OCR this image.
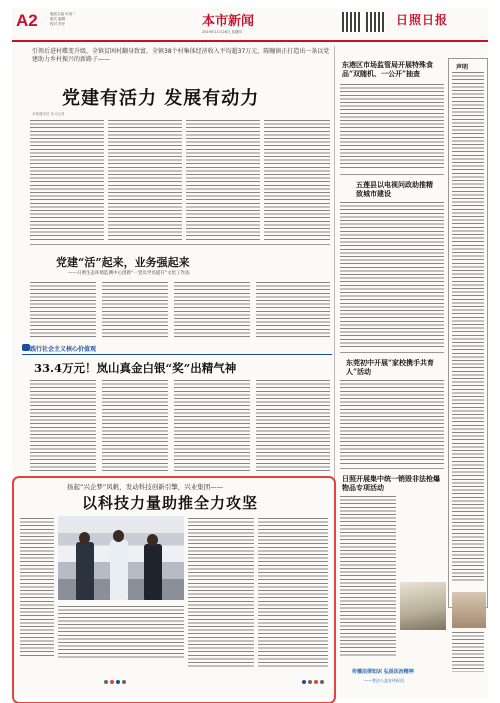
A2	版面主编 叶成二
版式 编辑
校对 责任	本市新闻
2019年11月28日 星期四
日照日报
引领后进村蝶变升级，全镇贫困村翻身致富，全镇38个村集体经济收入平均超37万元，陈疃镇正打造出一条以党建助力乡村振兴的新路子——
党建有活力 发展有动力
本报通讯员 实习记者
党建“活”起来，业务强起来
——日照生态环境监测中心创新“一党员学员提升”文化工作法
践行社会主义核心价值观
33.4万元！岚山真金白银“奖”出精气神
东港区市场监管局开展特殊食品“双随机、一公开”抽查
五莲县以电视问政助推精致城市建设
东莞初中开展“家校携手共育人”活动
日照开展集中统一销毁非法枪爆物品专项活动
声明
扬起“兴企梦”风帆，发动科技创新引擎，兴业集团——
以科技力量助推全力攻坚
传播法律知识 弘扬法治精神
——普法公益宣传标语
